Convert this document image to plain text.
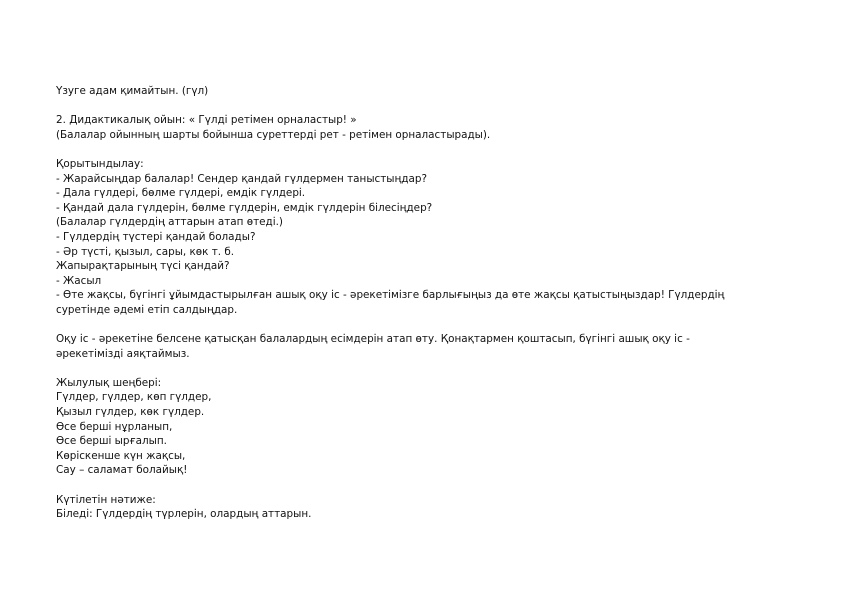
Үзуге адам қимайтын. (гүл)
2. Дидактикалық ойын: « Гүлді ретімен орналастыр! »
(Балалар ойынның шарты бойынша суреттерді рет - ретімен орналастырады).
Қорытындылау:
- Жарайсыңдар балалар! Сендер қандай гүлдермен таныстыңдар?
- Дала гүлдері, бөлме гүлдері, емдік гүлдері.
- Қандай дала гүлдерін, бөлме гүлдерін, емдік гүлдерін білесіңдер?
(Балалар гүлдердің аттарын атап өтеді.)
- Гүлдердің түстері қандай болады?
- Әр түсті, қызыл, сары, көк т. б.
Жапырақтарының түсі қандай?
- Жасыл
- Өте жақсы, бүгінгі ұйымдастырылған ашық оқу іс - әрекетімізге барлығыңыз да өте жақсы қатыстыңыздар! Гүлдердің
суретінде әдемі етіп салдыңдар.
Оқу іс - әрекетіне белсене қатысқан балалардың есімдерін атап өту. Қонақтармен қоштасып, бүгінгі ашық оқу іс -
әрекетімізді аяқтаймыз.
Жылулық шеңбері:
Гүлдер, гүлдер, көп гүлдер,
Қызыл гүлдер, көк гүлдер.
Өсе берші нұрланып,
Өсе берші ырғалып.
Көріскенше күн жақсы,
Сау – саламат болайық!
Күтілетін нәтиже:
Біледі: Гүлдердің түрлерін, олардың аттарын.
